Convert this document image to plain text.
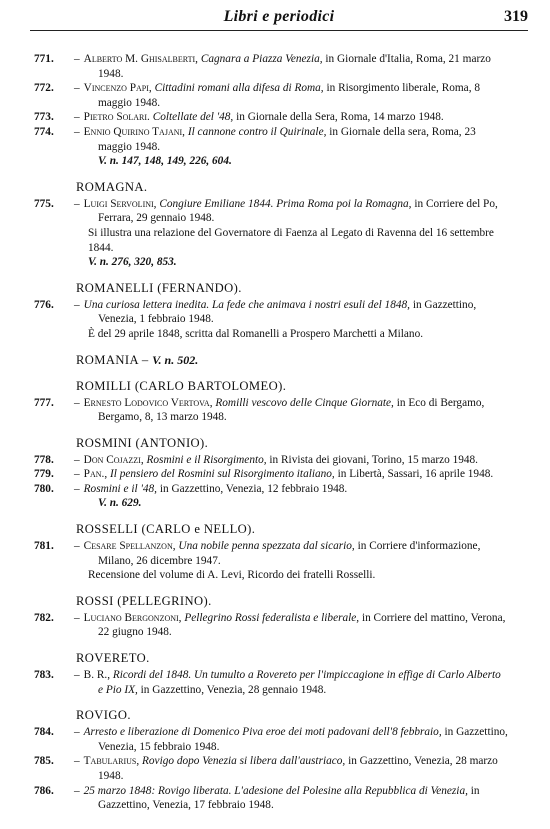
Libri e periodici	319
771.	– Alberto M. Ghisalberti, Cagnara a Piazza Venezia, in Giornale d'Italia, Roma, 21 marzo 1948.
772.	– Vincenzo Papi, Cittadini romani alla difesa di Roma, in Risorgimento liberale, Roma, 8 maggio 1948.
773.	– Pietro Solari. Coltellate del '48, in Giornale della Sera, Roma, 14 marzo 1948.
774.	– Ennio Quirino Tajani, Il cannone contro il Quirinale, in Giornale della sera, Roma, 23 maggio 1948.
V. n. 147, 148, 149, 226, 604.
ROMAGNA.
775.	– Luigi Servolini, Congiure Emiliane 1844. Prima Roma poi la Romagna, in Corriere del Po, Ferrara, 29 gennaio 1948.
Si illustra una relazione del Governatore di Faenza al Legato di Ravenna del 16 settembre 1844.
V. n. 276, 320, 853.
ROMANELLI (FERNANDO).
776.	– Una curiosa lettera inedita. La fede che animava i nostri esuli del 1848, in Gazzettino, Venezia, 1 febbraio 1948.
È del 29 aprile 1848, scritta dal Romanelli a Prospero Marchetti a Milano.
ROMANIA – V. n. 502.
ROMILLI (CARLO BARTOLOMEO).
777.	– Ernesto Lodovico Vertova, Romilli vescovo delle Cinque Giornate, in Eco di Bergamo, Bergamo, 8, 13 marzo 1948.
ROSMINI (ANTONIO).
778.	– Don Cojazzi, Rosmini e il Risorgimento, in Rivista dei giovani, Torino, 15 marzo 1948.
779.	– Pan., Il pensiero del Rosmini sul Risorgimento italiano, in Libertà, Sassari, 16 aprile 1948.
780.	– Rosmini e il '48, in Gazzettino, Venezia, 12 febbraio 1948.
V. n. 629.
ROSSELLI (CARLO e NELLO).
781.	– Cesare Spellanzon, Una nobile penna spezzata dal sicario, in Corriere d'informazione, Milano, 26 dicembre 1947.
Recensione del volume di A. Levi, Ricordo dei fratelli Rosselli.
ROSSI (PELLEGRINO).
782.	– Luciano Bergonzoni, Pellegrino Rossi federalista e liberale, in Corriere del mattino, Verona, 22 giugno 1948.
ROVERETO.
783.	– B. R., Ricordi del 1848. Un tumulto a Rovereto per l'impiccagione in effige di Carlo Alberto e Pio IX, in Gazzettino, Venezia, 28 gennaio 1948.
ROVIGO.
784.	– Arresto e liberazione di Domenico Piva eroe dei moti padovani dell'8 febbraio, in Gazzettino, Venezia, 15 febbraio 1948.
785.	– Tabularius, Rovigo dopo Venezia si libera dall'austriaco, in Gazzettino, Venezia, 28 marzo 1948.
786.	– 25 marzo 1848: Rovigo liberata. L'adesione del Polesine alla Repubblica di Venezia, in Gazzettino, Venezia, 17 febbraio 1948.
